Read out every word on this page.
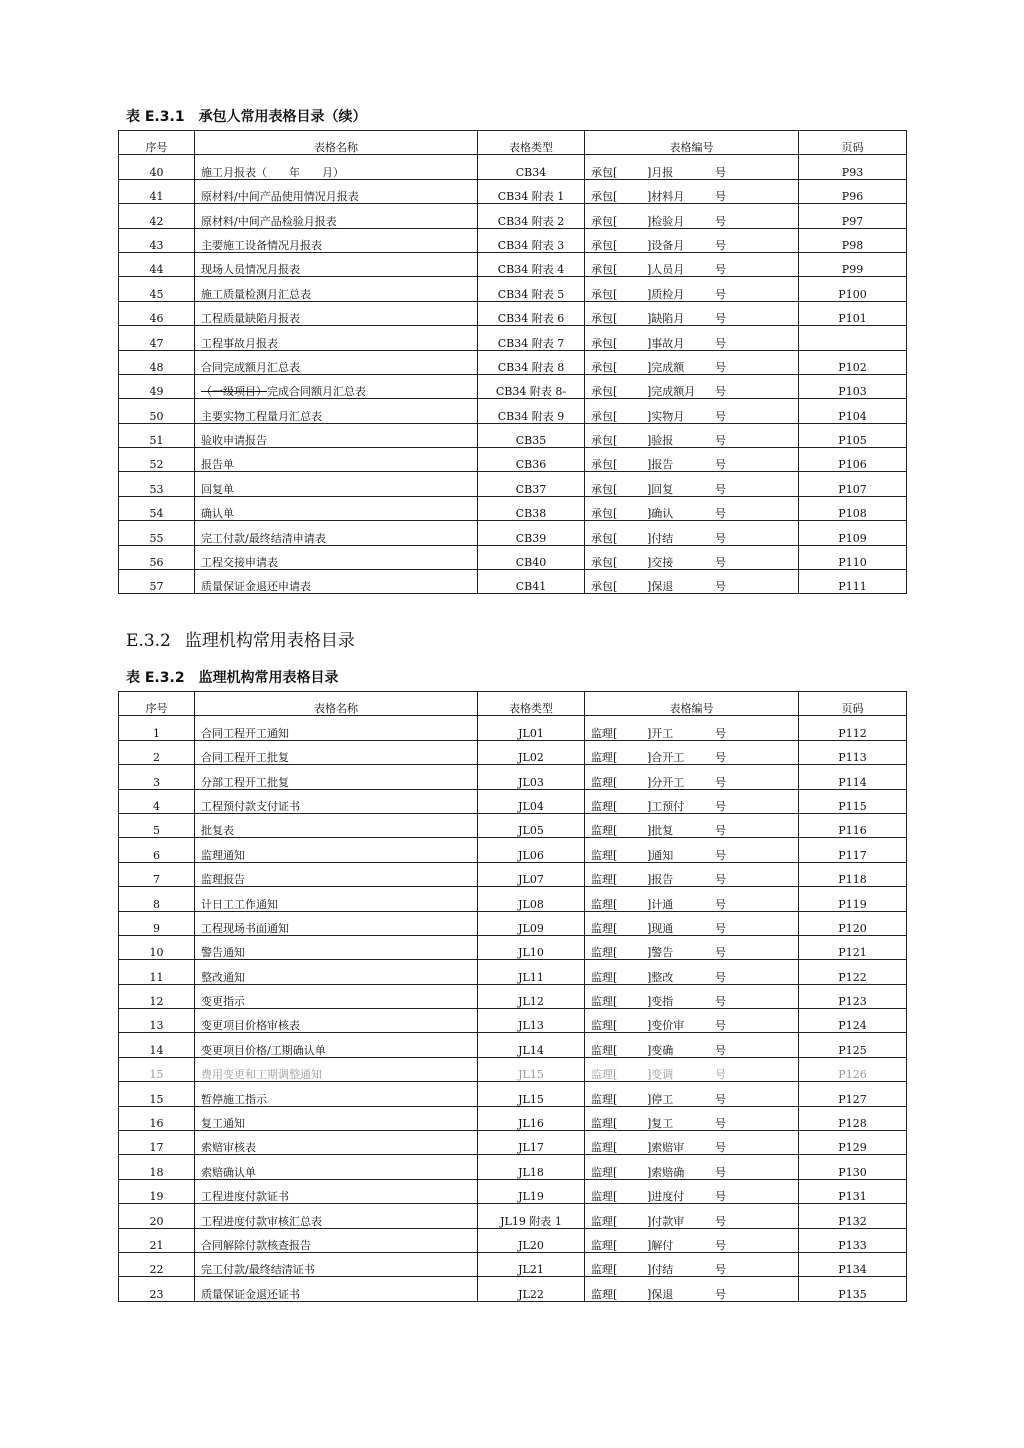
表 E.3.1 承包人常用表格目录（续）
序号	表格名称	表格类型	表格编号	页码
40	施工月报表（　　年　　月）	CB34	承包[ ]月报 号	P93
41	原材料/中间产品使用情况月报表	CB34 附表 1	承包[ ]材料月 号	P96
42	原材料/中间产品检验月报表	CB34 附表 2	承包[ ]检验月 号	P97
43	主要施工设备情况月报表	CB34 附表 3	承包[ ]设备月 号	P98
44	现场人员情况月报表	CB34 附表 4	承包[ ]人员月 号	P99
45	施工质量检测月汇总表	CB34 附表 5	承包[ ]质检月 号	P100
46	工程质量缺陷月报表	CB34 附表 6	承包[ ]缺陷月 号	P101
47	工程事故月报表	CB34 附表 7	承包[ ]事故月 号	
48	合同完成额月汇总表	CB34 附表 8	承包[ ]完成额 号	P102
49	（一级项目）完成合同额月汇总表	CB34 附表 8-	承包[ ]完成额月 号	P103
50	主要实物工程量月汇总表	CB34 附表 9	承包[ ]实物月 号	P104
51	验收申请报告	CB35	承包[ ]验报 号	P105
52	报告单	CB36	承包[ ]报告 号	P106
53	回复单	CB37	承包[ ]回复 号	P107
54	确认单	CB38	承包[ ]确认 号	P108
55	完工付款/最终结清申请表	CB39	承包[ ]付结 号	P109
56	工程交接申请表	CB40	承包[ ]交接 号	P110
57	质量保证金退还申请表	CB41	承包[ ]保退 号	P111
E.3.2 监理机构常用表格目录
表 E.3.2 监理机构常用表格目录
序号	表格名称	表格类型	表格编号	页码
1	合同工程开工通知	JL01	监理[ ]开工 号	P112
2	合同工程开工批复	JL02	监理[ ]合开工 号	P113
3	分部工程开工批复	JL03	监理[ ]分开工 号	P114
4	工程预付款支付证书	JL04	监理[ ]工预付 号	P115
5	批复表	JL05	监理[ ]批复 号	P116
6	监理通知	JL06	监理[ ]通知 号	P117
7	监理报告	JL07	监理[ ]报告 号	P118
8	计日工工作通知	JL08	监理[ ]计通 号	P119
9	工程现场书面通知	JL09	监理[ ]现通 号	P120
10	警告通知	JL10	监理[ ]警告 号	P121
11	整改通知	JL11	监理[ ]整改 号	P122
12	变更指示	JL12	监理[ ]变指 号	P123
13	变更项目价格审核表	JL13	监理[ ]变价审 号	P124
14	变更项目价格/工期确认单	JL14	监理[ ]变确 号	P125
15	费用变更和工期调整通知	JL15	监理[ ]变调 号	P126
15	暂停施工指示	JL15	监理[ ]停工 号	P127
16	复工通知	JL16	监理[ ]复工 号	P128
17	索赔审核表	JL17	监理[ ]索赔审 号	P129
18	索赔确认单	JL18	监理[ ]索赔确 号	P130
19	工程进度付款证书	JL19	监理[ ]进度付 号	P131
20	工程进度付款审核汇总表	JL19 附表 1	监理[ ]付款审 号	P132
21	合同解除付款核查报告	JL20	监理[ ]解付 号	P133
22	完工付款/最终结清证书	JL21	监理[ ]付结 号	P134
23	质量保证金退还证书	JL22	监理[ ]保退 号	P135
